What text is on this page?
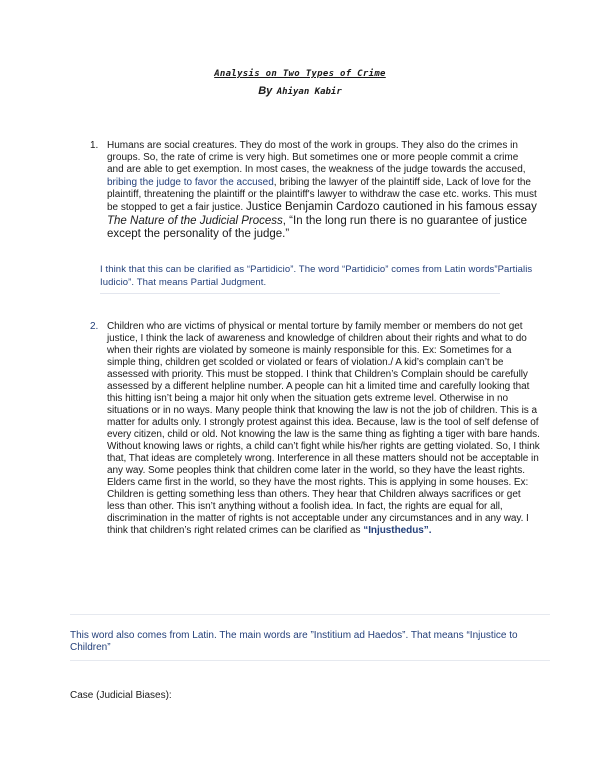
Analysis on Two Types of Crime
By Ahiyan Kabir
1. Humans are social creatures. They do most of the work in groups. They also do the crimes in groups. So, the rate of crime is very high. But sometimes one or more people commit a crime and are able to get exemption. In most cases, the weakness of the judge towards the accused, bribing the judge to favor the accused, bribing the lawyer of the plaintiff side, Lack of love for the plaintiff, threatening the plaintiff or the plaintiff's lawyer to withdraw the case etc. works. This must be stopped to get a fair justice. Justice Benjamin Cardozo cautioned in his famous essay The Nature of the Judicial Process, “In the long run there is no guarantee of justice except the personality of the judge.”
I think that this can be clarified as “Partidicio”. The word “Partidicio” comes from Latin words”Partialis Iudicio”. That means Partial Judgment.
2. Children who are victims of physical or mental torture by family member or members do not get justice, I think the lack of awareness and knowledge of children about their rights and what to do when their rights are violated by someone is mainly responsible for this. Ex: Sometimes for a simple thing, children get scolded or violated or fears of violation./ A kid’s complain can’t be assessed with priority. This must be stopped. I think that Children’s Complain should be carefully assessed by a different helpline number. A people can hit a limited time and carefully looking that this hitting isn’t being a major hit only when the situation gets extreme level. Otherwise in no situations or in no ways. Many people think that knowing the law is not the job of children. This is a matter for adults only. I strongly protest against this idea. Because, law is the tool of self defense of every citizen, child or old. Not knowing the law is the same thing as fighting a tiger with bare hands. Without knowing laws or rights, a child can’t fight while his/her rights are getting violated. So, I think that, That ideas are completely wrong. Interference in all these matters should not be acceptable in any way. Some peoples think that children come later in the world, so they have the least rights. Elders came first in the world, so they have the most rights. This is applying in some houses. Ex: Children is getting something less than others. They hear that Children always sacrifices or get less than other. This isn’t anything without a foolish idea. In fact, the rights are equal for all, discrimination in the matter of rights is not acceptable under any circumstances and in any way. I think that children’s right related crimes can be clarified as “Injusthedus”.
This word also comes from Latin. The main words are ”Institium ad Haedos”. That means “Injustice to Children”
Case (Judicial Biases):
